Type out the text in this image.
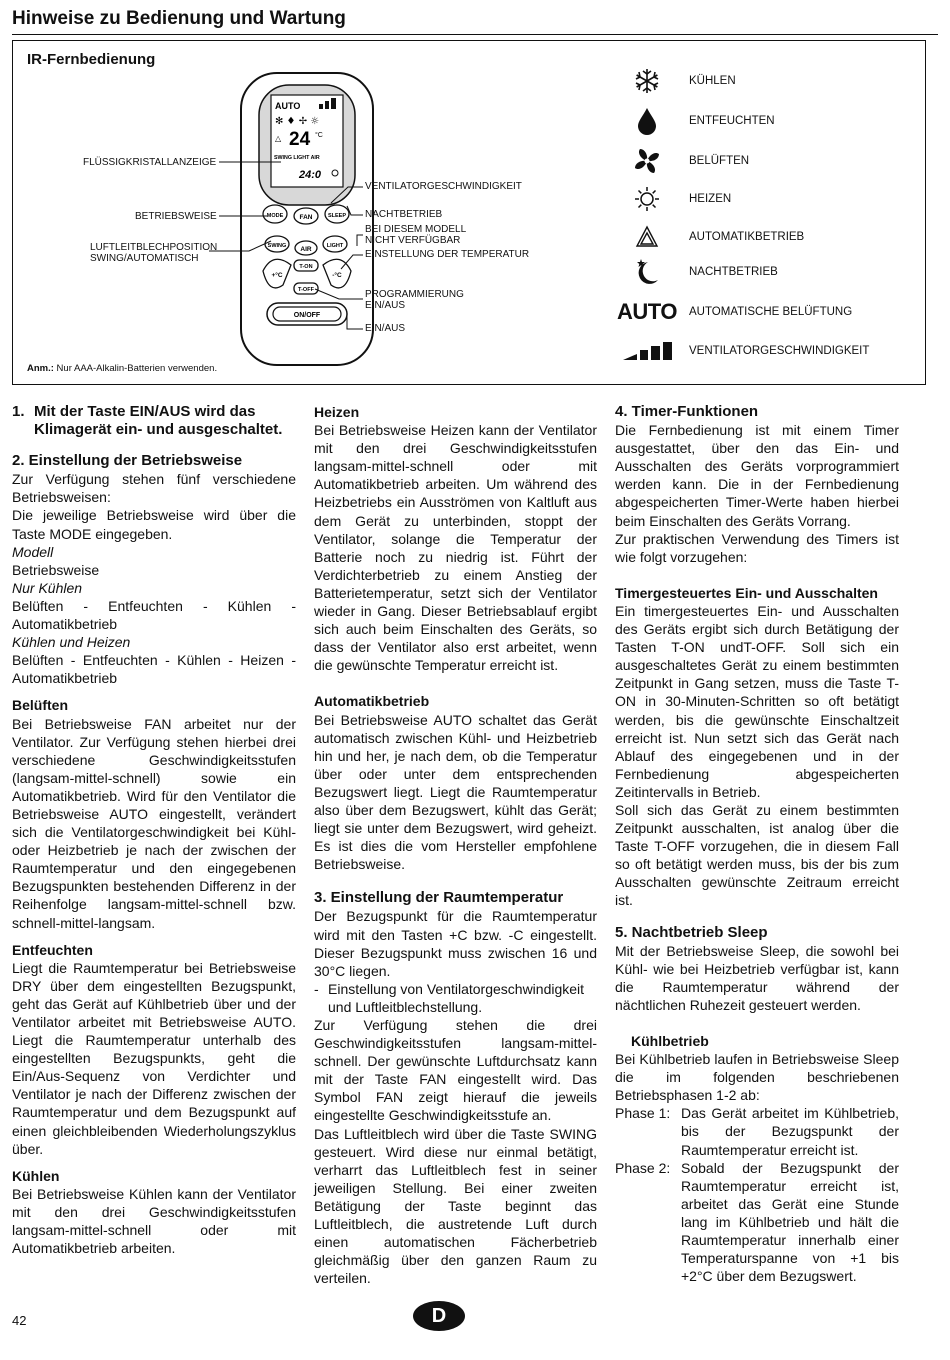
Hinweise zu Bedienung und Wartung
IR-Fernbedienung
AUTO
✻ ♦ ✢ ☼
△ 24 °C
SWING LIGHT AIR
24:0
MODE	FAN	SLEEP
SWING AIR	LIGHT
+°C	-°C
T-ON
T-OFF
ON/OFF
FLÜSSIGKRISTALLANZEIGE
BETRIEBSWEISE
LUFTLEITBLECHPOSITION
SWING/AUTOMATISCH
VENTILATORGESCHWINDIGKEIT
NACHTBETRIEB
BEI DIESEM MODELL
NICHT VERFÜGBAR
EINSTELLUNG DER TEMPERATUR
PROGRAMMIERUNG
EIN/AUS
EIN/AUS
KÜHLEN
ENTFEUCHTEN
BELÜFTEN
HEIZEN
AUTOMATIKBETRIEB
NACHTBETRIEB
AUTO AUTOMATISCHE BELÜFTUNG
VENTILATORGESCHWINDIGKEIT
Anm.: Nur AAA-Alkalin-Batterien verwenden.
1. Mit der Taste EIN/AUS wird das Klimagerät ein- und ausgeschaltet.

2. Einstellung der Betriebsweise

Zur Verfügung stehen fünf verschiedene Betriebsweisen:

Die jeweilige Betriebsweise wird über die Taste MODE eingegeben.

Modell

Betriebsweise

Nur Kühlen

Belüften - Entfeuchten - Kühlen - Automatikbetrieb

Kühlen und Heizen

Belüften - Entfeuchten - Kühlen - Heizen - Automatikbetrieb

Belüften

Bei Betriebsweise FAN arbeitet nur der Ventilator. Zur Verfügung stehen hierbei drei verschiedene Geschwindigkeitsstufen (langsam-mittel-schnell) sowie ein Automatikbetrieb. Wird für den Ventilator die Betriebsweise AUTO eingestellt, verändert sich die Ventilatorgeschwindigkeit bei Kühl- oder Heizbetrieb je nach der zwischen der Raumtemperatur und den eingegebenen Bezugspunkten bestehenden Differenz in der Reihenfolge langsam-mittel-schnell bzw. schnell-mittel-langsam.

Entfeuchten

Liegt die Raumtemperatur bei Betriebsweise DRY über dem eingestellten Bezugspunkt, geht das Gerät auf Kühlbetrieb über und der Ventilator arbeitet mit Betriebsweise AUTO. Liegt die Raumtemperatur unterhalb des eingestellten Bezugspunkts, geht die Ein/Aus-Sequenz von Verdichter und Ventilator je nach der Differenz zwischen der Raumtemperatur und dem Bezugspunkt auf einen gleichbleibenden Wiederholungszyklus über.

Kühlen

Bei Betriebsweise Kühlen kann der Ventilator mit den drei Geschwindigkeitsstufen langsam-mittel-schnell oder mit Automatikbetrieb arbeiten.

Heizen

Bei Betriebsweise Heizen kann der Ventilator mit den drei Geschwindigkeitsstufen langsam-mittel-schnell oder mit Automatikbetrieb arbeiten. Um während des Heizbetriebs ein Ausströmen von Kaltluft aus dem Gerät zu unterbinden, stoppt der Ventilator, solange die Temperatur der Batterie noch zu niedrig ist. Führt der Verdichterbetrieb zu einem Anstieg der Batterietemperatur, setzt sich der Ventilator wieder in Gang. Dieser Betriebsablauf ergibt sich auch beim Einschalten des Geräts, so dass der Ventilator also erst arbeitet, wenn die gewünschte Temperatur erreicht ist.

Automatikbetrieb

Bei Betriebsweise AUTO schaltet das Gerät automatisch zwischen Kühl- und Heizbetrieb hin und her, je nach dem, ob die Temperatur über oder unter dem entsprechenden Bezugswert liegt. Liegt die Raumtemperatur also über dem Bezugswert, kühlt das Gerät; liegt sie unter dem Bezugswert, wird geheizt. Es ist dies die vom Hersteller empfohlene Betriebsweise.

3. Einstellung der Raumtemperatur

Der Bezugspunkt für die Raumtemperatur wird mit den Tasten +C bzw. -C eingestellt. Dieser Bezugspunkt muss zwischen 16 und 30°C liegen.

- Einstellung von Ventilatorgeschwindigkeit und Luftleitblechstellung.

Zur Verfügung stehen die drei Geschwindigkeitsstufen langsam-mittel-schnell. Der gewünschte Luftdurchsatz kann mit der Taste FAN eingestellt wird. Das Symbol FAN zeigt hierauf die jeweils eingestellte Geschwindigkeitsstufe an.

Das Luftleitblech wird über die Taste SWING gesteuert. Wird diese nur einmal betätigt, verharrt das Luftleitblech fest in seiner jeweiligen Stellung. Bei einer zweiten Betätigung der Taste beginnt das Luftleitblech, die austretende Luft durch einen automatischen Fächerbetrieb gleichmäßig über den ganzen Raum zu verteilen.

4. Timer-Funktionen

Die Fernbedienung ist mit einem Timer ausgestattet, über den das Ein- und Ausschalten des Geräts vorprogrammiert werden kann. Die in der Fernbedienung abgespeicherten Timer-Werte haben hierbei beim Einschalten des Geräts Vorrang.

Zur praktischen Verwendung des Timers ist wie folgt vorzugehen:

Timergesteuertes Ein- und Ausschalten

Ein timergesteuertes Ein- und Ausschalten des Geräts ergibt sich durch Betätigung der Tasten T-ON undT-OFF. Soll sich ein ausgeschaltetes Gerät zu einem bestimmten Zeitpunkt in Gang setzen, muss die Taste T-ON in 30-Minuten-Schritten so oft betätigt werden, bis die gewünschte Einschaltzeit erreicht ist. Nun setzt sich das Gerät nach Ablauf des eingegebenen und in der Fernbedienung abgespeicherten Zeitintervalls in Betrieb.

Soll sich das Gerät zu einem bestimmten Zeitpunkt ausschalten, ist analog über die Taste T-OFF vorzugehen, die in diesem Fall so oft betätigt werden muss, bis der bis zum Ausschalten gewünschte Zeitraum erreicht ist.

5. Nachtbetrieb Sleep

Mit der Betriebsweise Sleep, die sowohl bei Kühl- wie bei Heizbetrieb verfügbar ist, kann die Raumtemperatur während der nächtlichen Ruhezeit gesteuert werden.

Kühlbetrieb

Bei Kühlbetrieb laufen in Betriebsweise Sleep die im folgenden beschriebenen Betriebsphasen 1-2 ab:

Phase 1: Das Gerät arbeitet im Kühlbetrieb, bis der Bezugspunkt der Raumtemperatur erreicht ist.
Phase 2: Sobald der Bezugspunkt der Raumtemperatur erreicht ist, arbeitet das Gerät eine Stunde lang im Kühlbetrieb und hält die Raumtemperatur innerhalb einer Temperaturspanne von +1 bis +2°C über dem Bezugswert.
42	D
